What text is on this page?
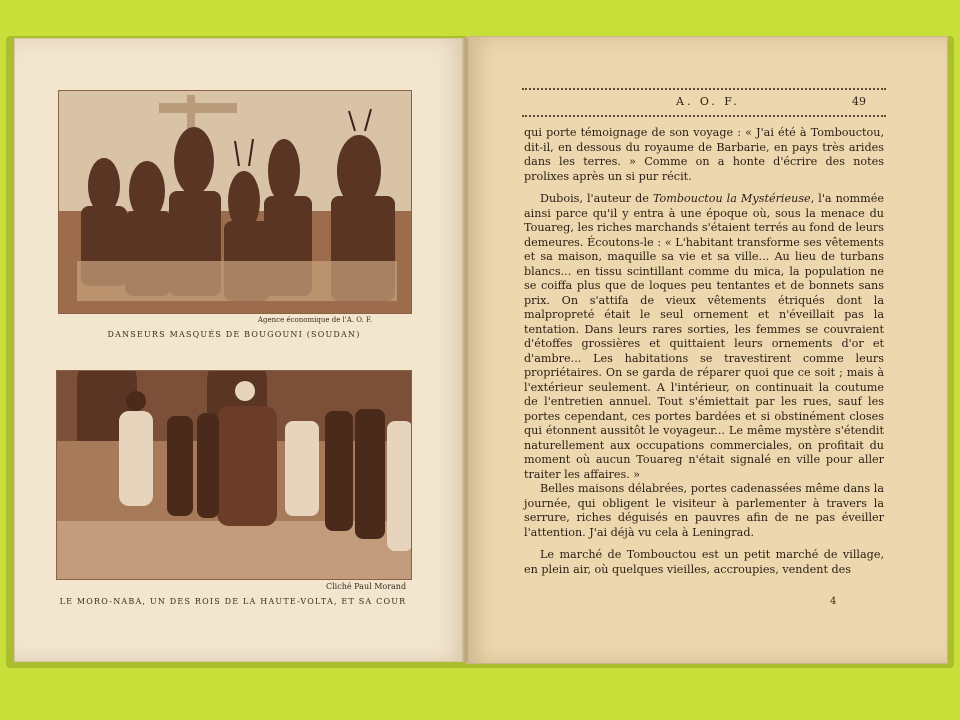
Agence économique de l'A. O. F.
DANSEURS MASQUÉS DE BOUGOUNI (SOUDAN)
Cliché Paul Morand
LE MORO-NABA, UN DES ROIS DE LA HAUTE-VOLTA, ET SA COUR
A. O. F.	49

qui porte témoignage de son voyage : « J'ai été à Tombouctou, dit-il, en dessous du royaume de Barbarie, en pays très arides dans les terres. » Comme on a honte d'écrire des notes prolixes après un si pur récit.

Dubois, l'auteur de Tombouctou la Mystérieuse, l'a nommée ainsi parce qu'il y entra à une époque où, sous la menace du Touareg, les riches marchands s'étaient terrés au fond de leurs demeures. Écoutons-le : « L'habitant transforme ses vêtements et sa maison, maquille sa vie et sa ville... Au lieu de turbans blancs... en tissu scintillant comme du mica, la population ne se coiffa plus que de loques peu tentantes et de bonnets sans prix. On s'attifa de vieux vêtements étriqués dont la malpropreté était le seul ornement et n'éveillait pas la tentation. Dans leurs rares sorties, les femmes se couvraient d'étoffes grossières et quittaient leurs ornements d'or et d'ambre... Les habitations se travestirent comme leurs propriétaires. On se garda de réparer quoi que ce soit ; mais à l'extérieur seulement. A l'intérieur, on continuait la coutume de l'entretien annuel. Tout s'émiettait par les rues, sauf les portes cependant, ces portes bardées et si obstinément closes qui étonnent aussitôt le voyageur... Le même mystère s'étendit naturellement aux occupations commerciales, on profitait du moment où aucun Touareg n'était signalé en ville pour aller traiter les affaires. »

Belles maisons délabrées, portes cadenassées même dans la journée, qui obligent le visiteur à parlementer à travers la serrure, riches déguisés en pauvres afin de ne pas éveiller l'attention. J'ai déjà vu cela à Leningrad.

Le marché de Tombouctou est un petit marché de village, en plein air, où quelques vieilles, accroupies, vendent des

4
